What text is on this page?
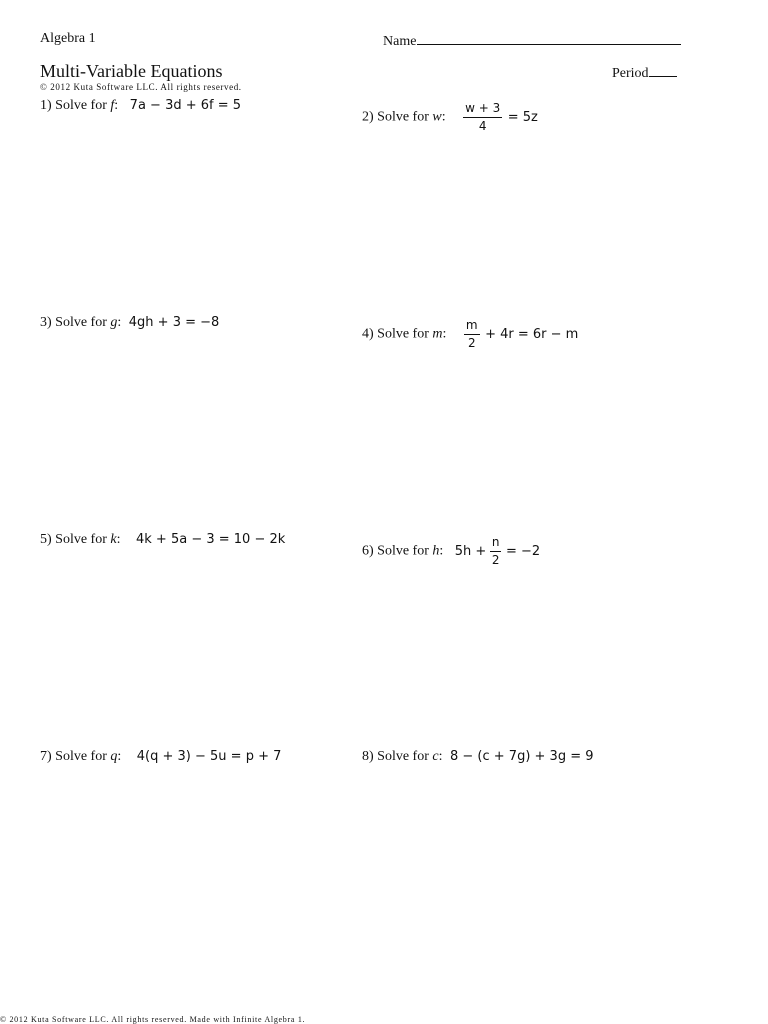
Algebra 1	Name
Multi-Variable Equations
© 2012 Kuta Software LLC. All rights reserved.
Period
1) Solve for f: 7a − 3d + 6f = 5
2) Solve for w: $\frac{w + 3}{4} = 5z$
3) Solve for g: 4gh + 3 = −8
4) Solve for m: $\frac{m}{2} + 4r = 6r - m$
5) Solve for k: 4k + 5a − 3 = 10 − 2k
6) Solve for h: $5h + \frac{n}{2} = -2$
7) Solve for q: 4(q + 3) − 5u = p + 7	8) Solve for c: 8 − (c + 7g) + 3g = 9
© 2012 Kuta Software LLC. All rights reserved. Made with Infinite Algebra 1.
